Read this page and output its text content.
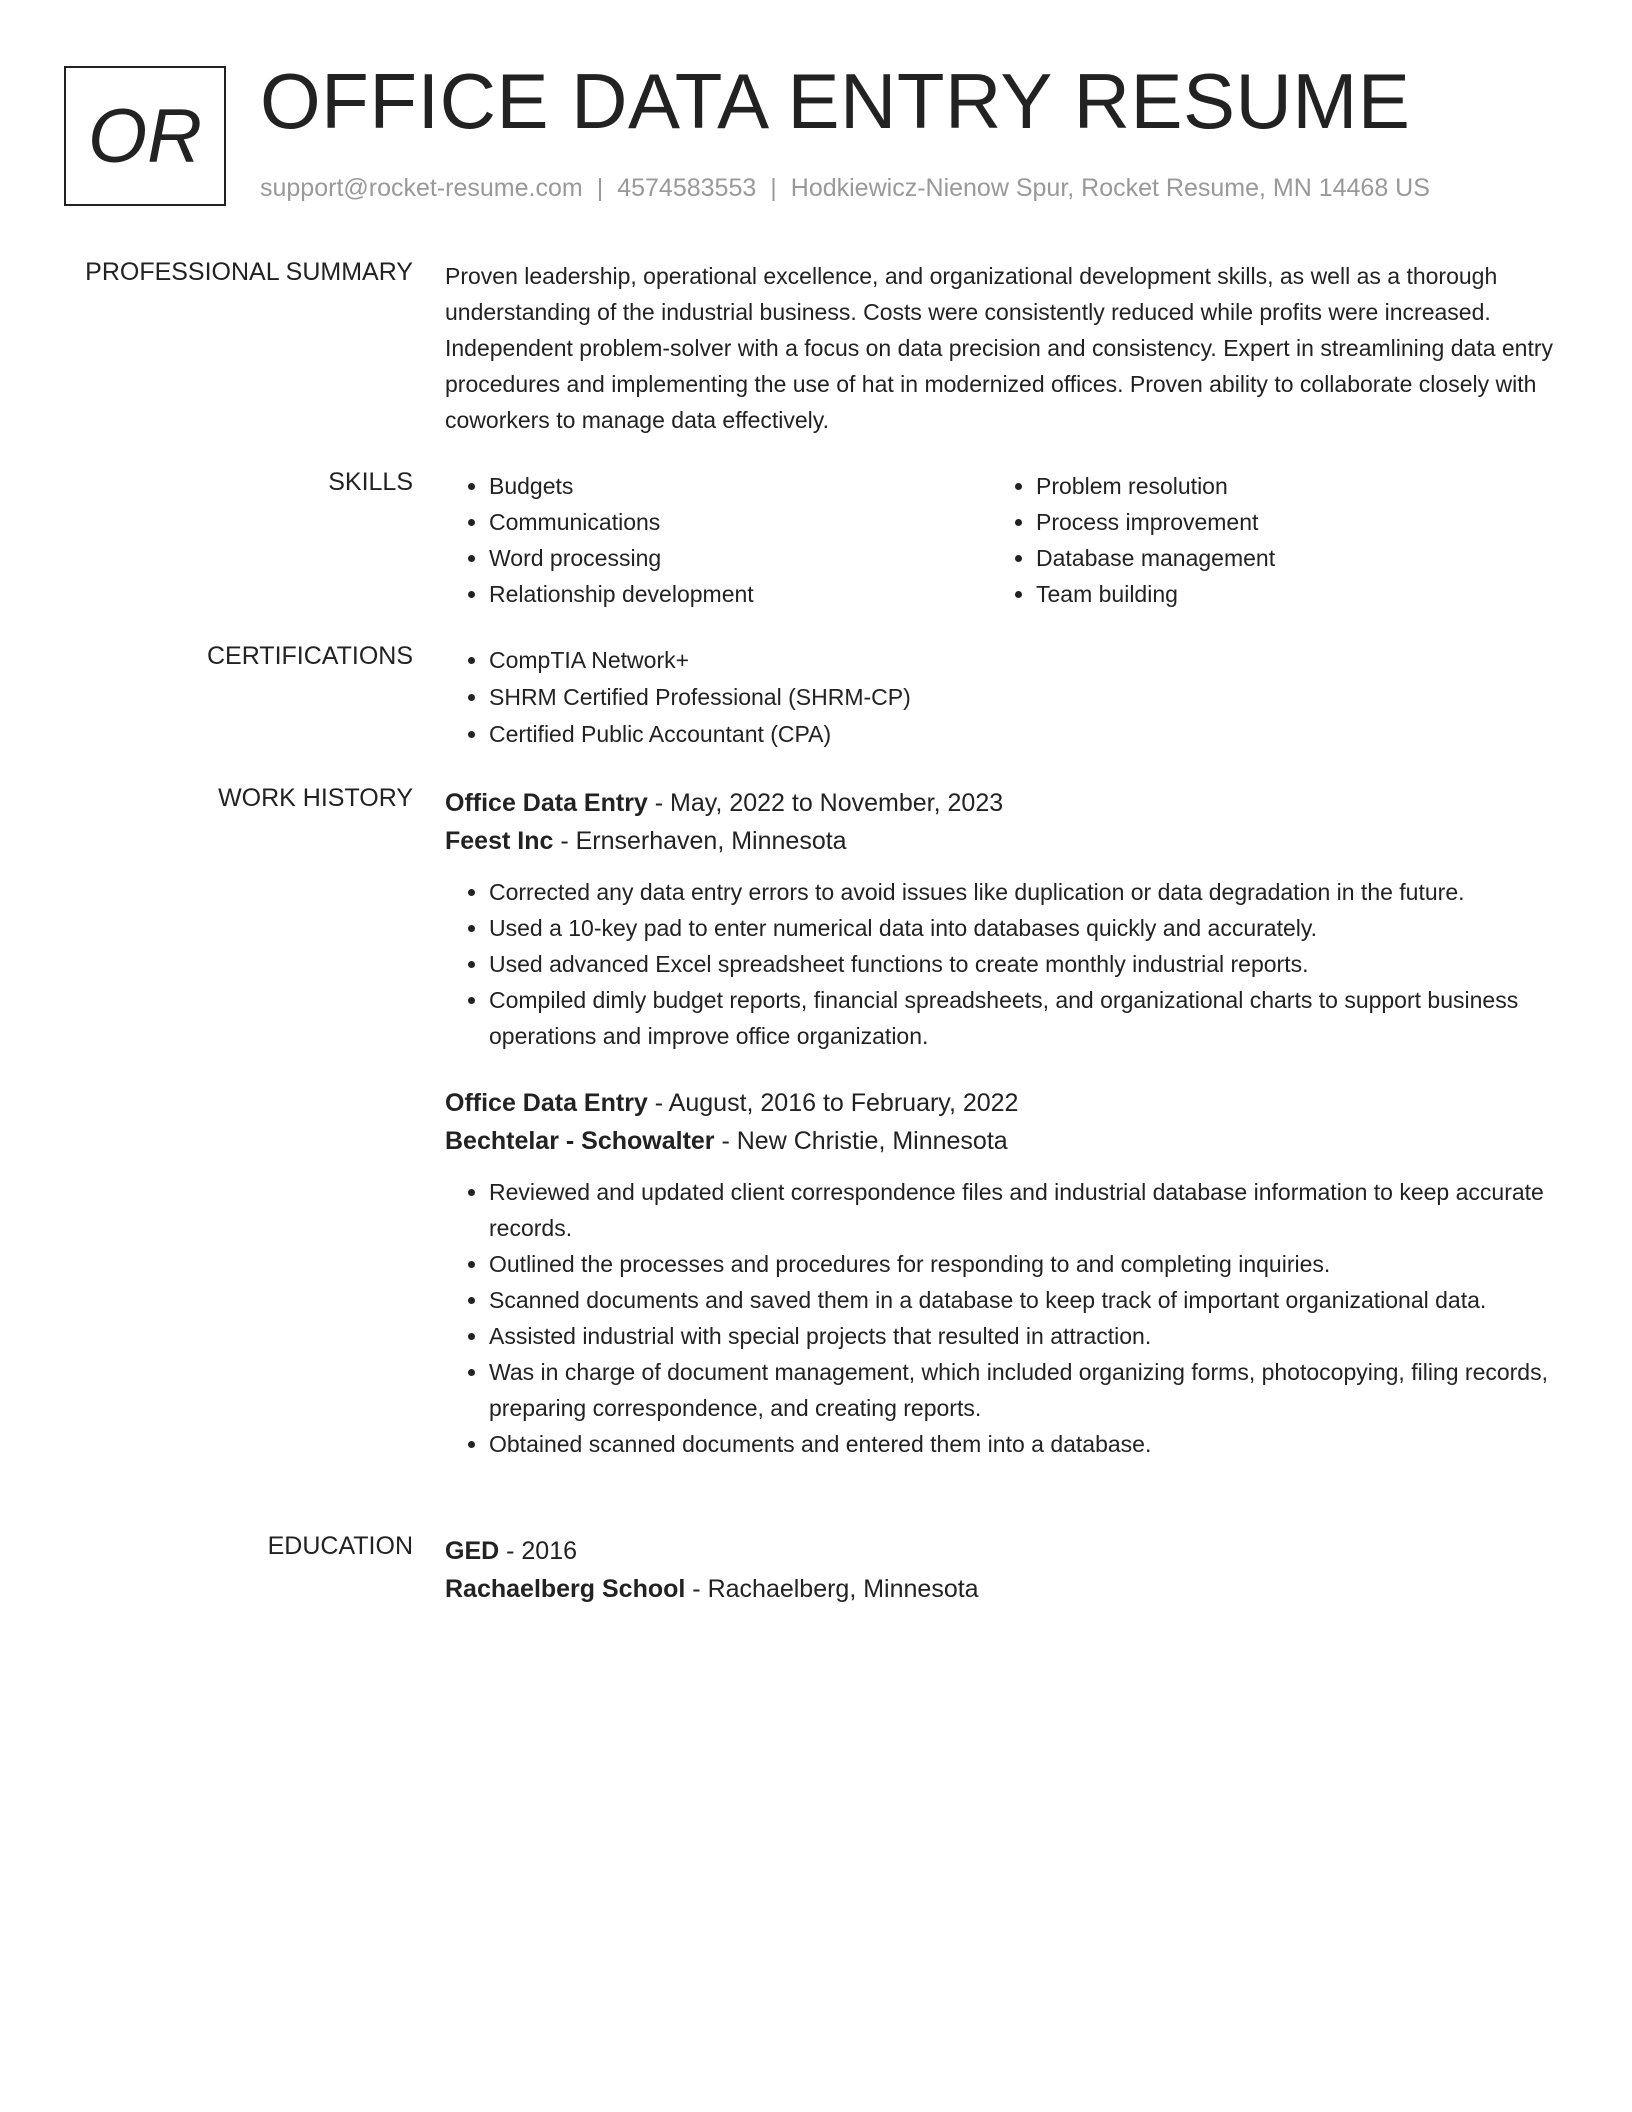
OR OFFICE DATA ENTRY RESUME
support@rocket-resume.com | 4574583553 | Hodkiewicz-Nienow Spur, Rocket Resume, MN 14468 US
PROFESSIONAL SUMMARY Proven leadership, operational excellence, and organizational development skills, as well as a thorough understanding of the industrial business. Costs were consistently reduced while profits were increased. Independent problem-solver with a focus on data precision and consistency. Expert in streamlining data entry procedures and implementing the use of hat in modernized offices. Proven ability to collaborate closely with coworkers to manage data effectively.

SKILLS	• Budgets
• Communications
• Word processing
• Relationship development
• Problem resolution
• Process improvement
• Database management
• Team building
CERTIFICATIONS	• CompTIA Network+
• SHRM Certified Professional (SHRM-CP)
• Certified Public Accountant (CPA)
WORK HISTORY Office Data Entry - May, 2022 to November, 2023
Feest Inc - Ernserhaven, Minnesota
• Corrected any data entry errors to avoid issues like duplication or data degradation in the future.
• Used a 10-key pad to enter numerical data into databases quickly and accurately.
• Used advanced Excel spreadsheet functions to create monthly industrial reports.
• Compiled dimly budget reports, financial spreadsheets, and organizational charts to support business operations and improve office organization.
Office Data Entry - August, 2016 to February, 2022
Bechtelar - Schowalter - New Christie, Minnesota
• Reviewed and updated client correspondence files and industrial database information to keep accurate records.
• Outlined the processes and procedures for responding to and completing inquiries.
• Scanned documents and saved them in a database to keep track of important organizational data.
• Assisted industrial with special projects that resulted in attraction.
• Was in charge of document management, which included organizing forms, photocopying, filing records, preparing correspondence, and creating reports.
• Obtained scanned documents and entered them into a database.
EDUCATION GED - 2016
Rachaelberg School - Rachaelberg, Minnesota
